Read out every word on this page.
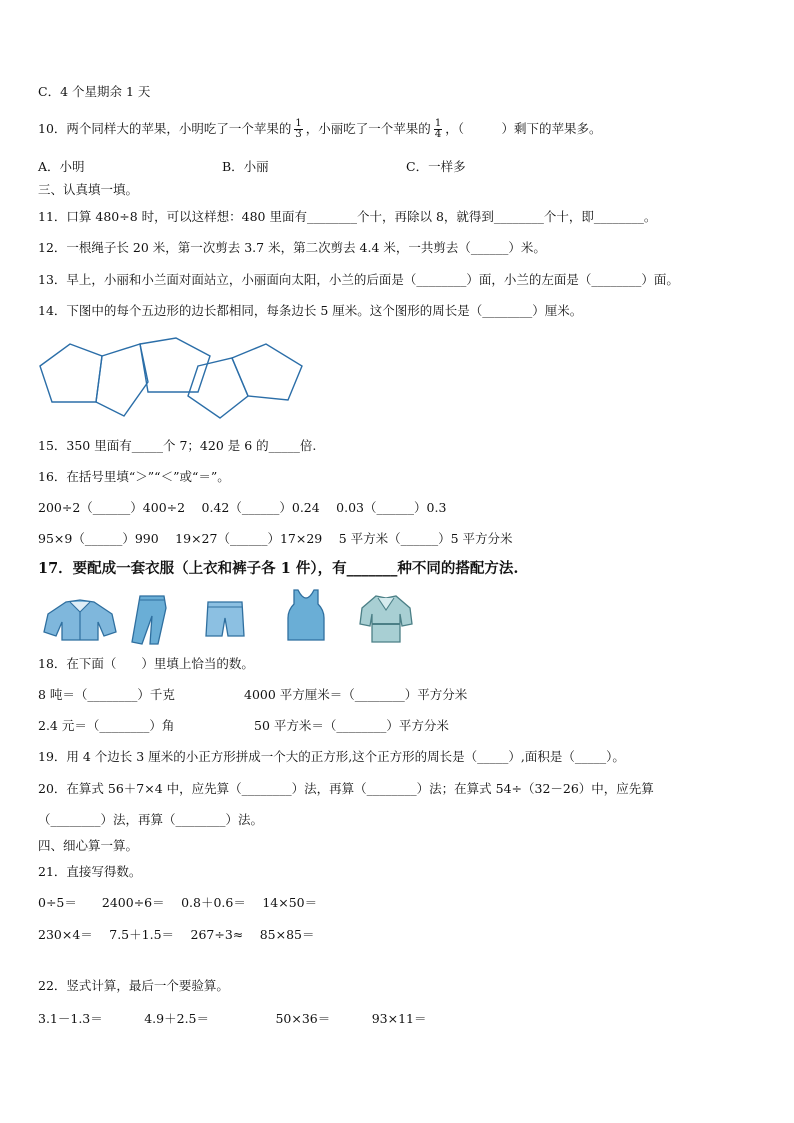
C．4 个星期余 1 天
10．两个同样大的苹果，小明吃了一个苹果的 $\frac{1}{3}$ ，小丽吃了一个苹果的 $\frac{1}{4}$ ，（　　　）剩下的苹果多。
A．小明	B．小丽	C．一样多
三、认真填一填。
11．口算 480÷8 时，可以这样想：480 里面有________个十，再除以 8，就得到________个十，即________。
12．一根绳子长 20 米，第一次剪去 3.7 米，第二次剪去 4.4 米，一共剪去（______）米。
13．早上，小丽和小兰面对面站立，小丽面向太阳，小兰的后面是（________）面，小兰的左面是（________）面。
14．下图中的每个五边形的边长都相同，每条边长 5 厘米。这个图形的周长是（________）厘米。
15．350 里面有_____个 7；420 是 6 的_____倍.
16．在括号里填“＞”“＜”或“＝”。
200÷2（______）400÷2　 0.42（______）0.24　 0.03（______）0.3
95×9（______）990　 19×27（______）17×29　 5 平方米（______）5 平方分米
17．要配成一套衣服（上衣和裤子各 1 件），有_______种不同的搭配方法.
18．在下面（　　）里填上恰当的数。
8 吨＝（________）千克	4000 平方厘米＝（________）平方分米
2.4 元＝（________）角	50 平方米＝（________）平方分米
19．用 4 个边长 3 厘米的小正方形拼成一个大的正方形,这个正方形的周长是（_____）,面积是（_____）。
20．在算式 56＋7×4 中，应先算（________）法，再算（________）法；在算式 54÷（32－26）中，应先算
（________）法，再算（________）法。
四、细心算一算。
21．直接写得数。
0÷5＝　　2400÷6＝　 0.8＋0.6＝　 14×50＝
230×4＝　 7.5＋1.5＝　 267÷3≈　 85×85＝
22．竖式计算，最后一个要验算。
3.1－1.3＝　　　 4.9＋2.5＝　　　　　 50×36＝　　　 93×11＝
